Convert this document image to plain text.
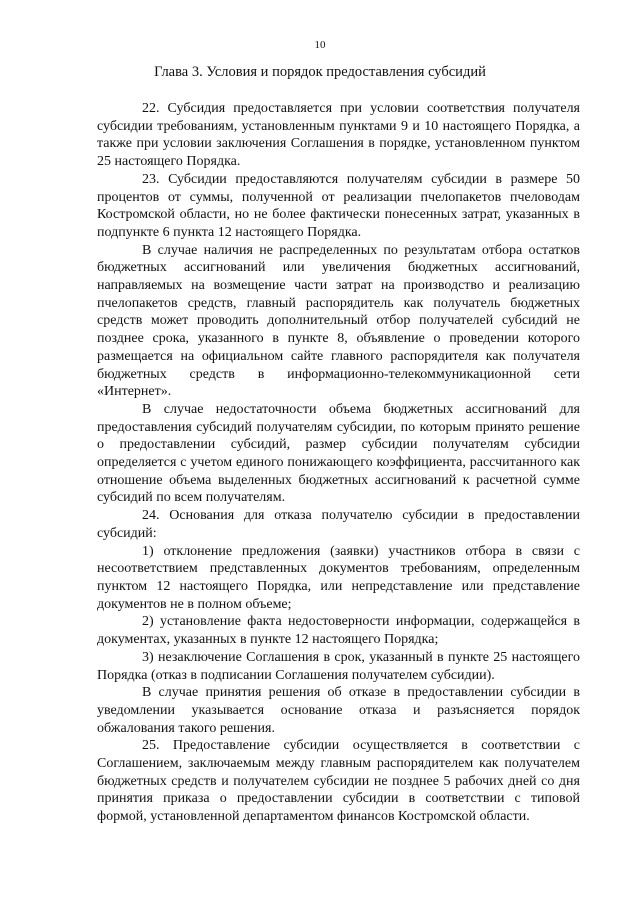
10
Глава 3. Условия и порядок предоставления субсидий

22. Субсидия предоставляется при условии соответствия получателя субсидии требованиям, установленным пунктами 9 и 10 настоящего Порядка, а также при условии заключения Соглашения в порядке, установленном пунктом 25 настоящего Порядка.

23. Субсидии предоставляются получателям субсидии в размере 50 процентов от суммы, полученной от реализации пчелопакетов пчеловодам Костромской области, но не более фактически понесенных затрат, указанных в подпункте 6 пункта 12 настоящего Порядка.

В случае наличия не распределенных по результатам отбора остатков бюджетных ассигнований или увеличения бюджетных ассигнований, направляемых на возмещение части затрат на производство и реализацию пчелопакетов средств, главный распорядитель как получатель бюджетных средств может проводить дополнительный отбор получателей субсидий не позднее срока, указанного в пункте 8, объявление о проведении которого размещается на официальном сайте главного распорядителя как получателя бюджетных средств в информационно-телекоммуникационной сети «Интернет».

В случае недостаточности объема бюджетных ассигнований для предоставления субсидий получателям субсидии, по которым принято решение о предоставлении субсидий, размер субсидии получателям субсидии определяется с учетом единого понижающего коэффициента, рассчитанного как отношение объема выделенных бюджетных ассигнований к расчетной сумме субсидий по всем получателям.

24. Основания для отказа получателю субсидии в предоставлении субсидий:

1) отклонение предложения (заявки) участников отбора в связи с несоответствием представленных документов требованиям, определенным пунктом 12 настоящего Порядка, или непредставление или представление документов не в полном объеме;

2) установление факта недостоверности информации, содержащейся в документах, указанных в пункте 12 настоящего Порядка;

3) незаключение Соглашения в срок, указанный в пункте 25 настоящего Порядка (отказ в подписании Соглашения получателем субсидии).

В случае принятия решения об отказе в предоставлении субсидии в уведомлении указывается основание отказа и разъясняется порядок обжалования такого решения.

25. Предоставление субсидии осуществляется в соответствии с Соглашением, заключаемым между главным распорядителем как получателем бюджетных средств и получателем субсидии не позднее 5 рабочих дней со дня принятия приказа о предоставлении субсидии в соответствии с типовой формой, установленной департаментом финансов Костромской области.
